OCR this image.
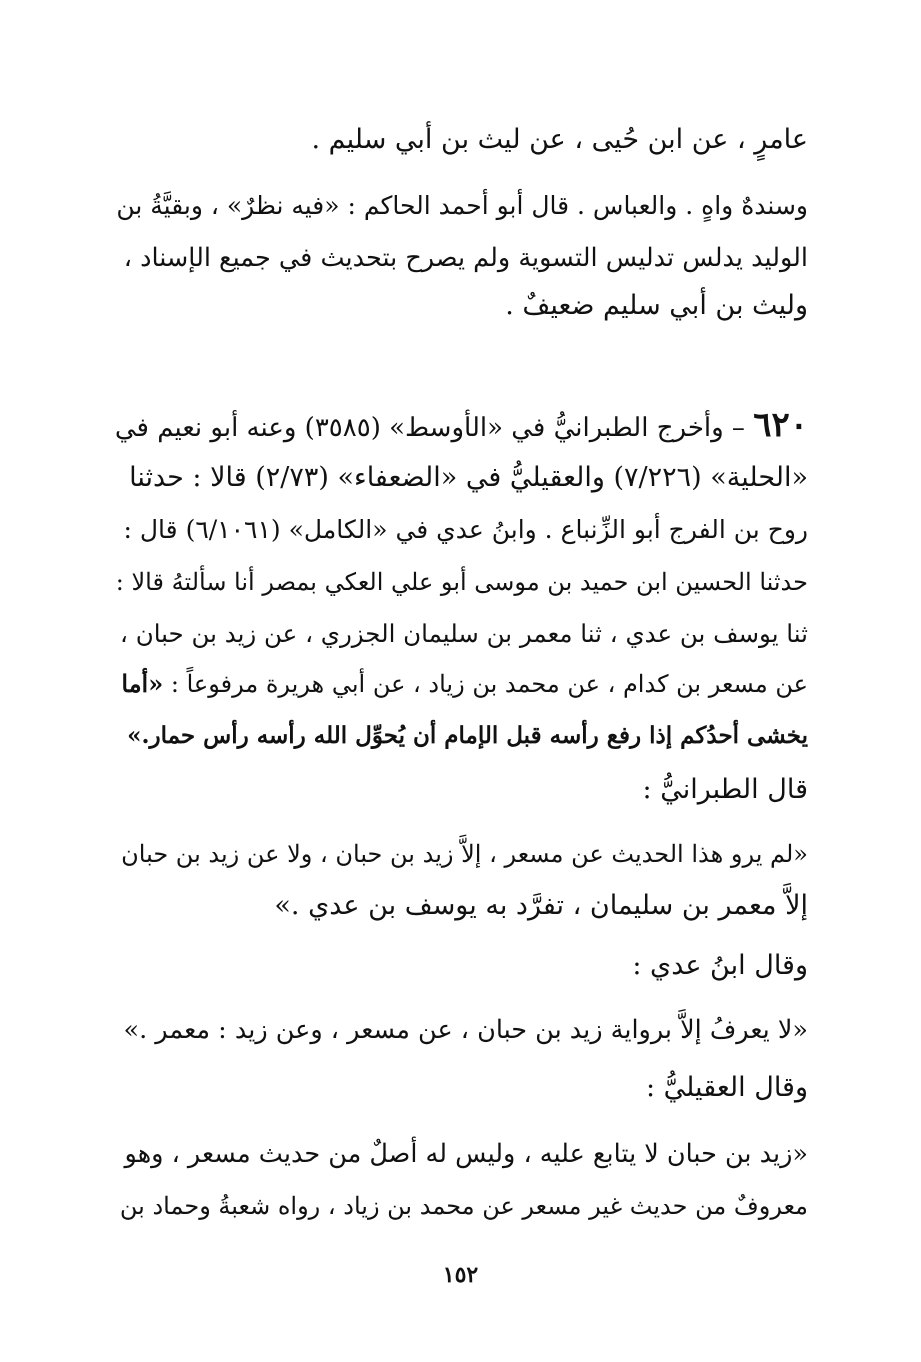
عامرٍ ، عن ابن حُيى ، عن ليث بن أبي سليم .
وسندهٌ واهٍ . والعباس . قال أبو أحمد الحاكم : «فيه نظرٌ» ، وبقيَّةُ بن
الوليد يدلس تدليس التسوية ولم يصرح بتحديث في جميع الإسناد ،
وليث بن أبي سليم ضعيفٌ .
٦٢٠ – وأخرج الطبرانيُّ في «الأوسط» (٣٥٨٥) وعنه أبو نعيم في
«الحلية» (٧/٢٢٦) والعقيليُّ في «الضعفاء» (٢/٧٣) قالا : حدثنا
روح بن الفرج أبو الزِّنباع . وابنُ عدي في «الكامل» (٦/١٠٦١) قال :
حدثنا الحسين ابن حميد بن موسى أبو علي العكي بمصر أنا سألتهُ قالا :
ثنا يوسف بن عدي ، ثنا معمر بن سليمان الجزري ، عن زيد بن حبان ،
عن مسعر بن كدام ، عن محمد بن زياد ، عن أبي هريرة مرفوعاً : «أما
يخشى أحدُكم إذا رفع رأسه قبل الإمام أن يُحوِّل الله رأسه رأس حمار.»
قال الطبرانيُّ :
«لم يرو هذا الحديث عن مسعر ، إلاَّ زيد بن حبان ، ولا عن زيد بن حبان
إلاَّ معمر بن سليمان ، تفرَّد به يوسف بن عدي .»
وقال ابنُ عدي :
«لا يعرفُ إلاَّ برواية زيد بن حبان ، عن مسعر ، وعن زيد : معمر .»
وقال العقيليُّ :
«زيد بن حبان لا يتابع عليه ، وليس له أصلٌ من حديث مسعر ، وهو
معروفٌ من حديث غير مسعر عن محمد بن زياد ، رواه شعبةُ وحماد بن
١٥٢
